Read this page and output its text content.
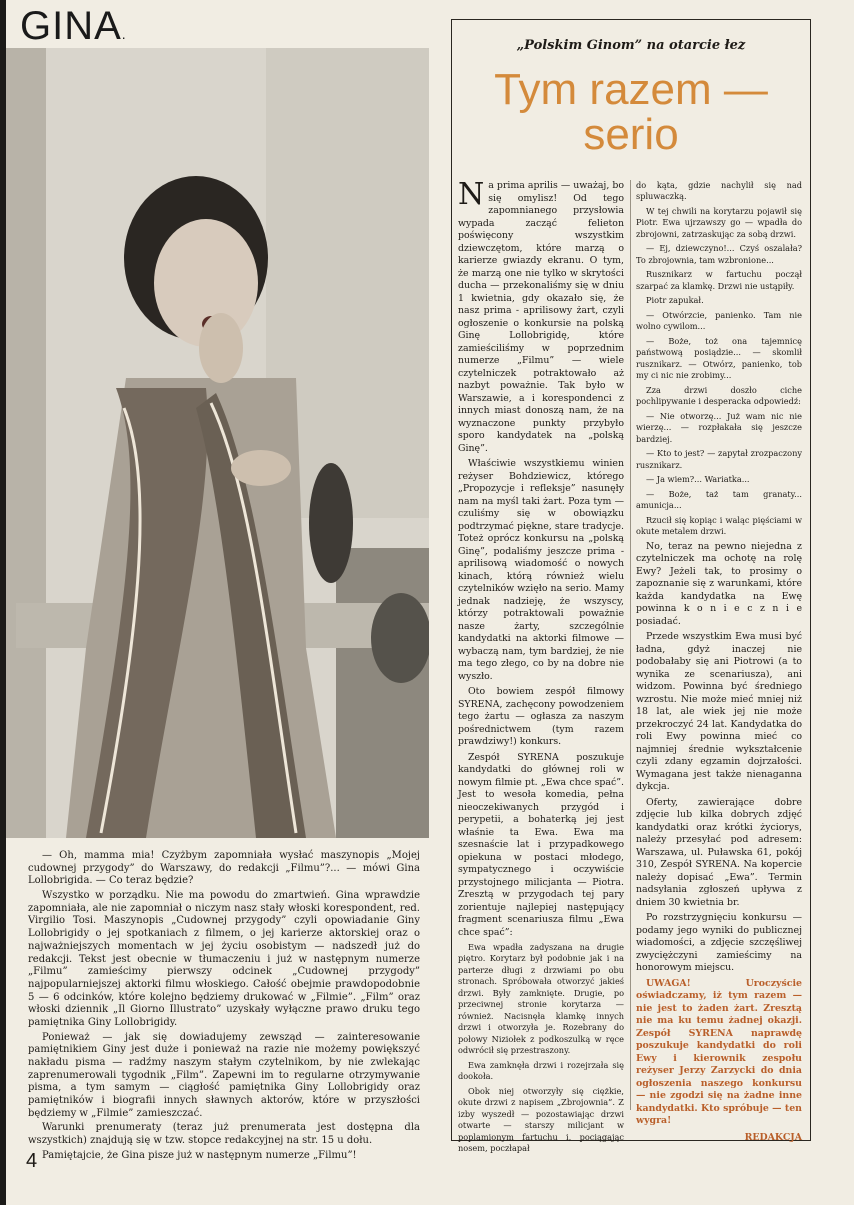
GINA.

— Oh, mamma mia! Czyżbym zapomniała wysłać maszynopis „Mojej cudownej przygody” do Warszawy, do redakcji „Filmu”?... — mówi Gina Lollobrigida. — Co teraz będzie?

Wszystko w porządku. Nie ma powodu do zmartwień. Gina wprawdzie zapomniała, ale nie zapomniał o niczym nasz stały włoski korespondent, red. Virgilio Tosi. Maszynopis „Cudownej przygody” czyli opowiadanie Giny Lollobrigidy o jej spotkaniach z filmem, o jej karierze aktorskiej oraz o najważniejszych momentach w jej życiu osobistym — nadszedł już do redakcji. Tekst jest obecnie w tłumaczeniu i już w następnym numerze „Filmu” zamieścimy pierwszy odcinek „Cudownej przygody” najpopularniejszej aktorki filmu włoskiego. Całość obejmie prawdopodobnie 5 — 6 odcinków, które kolejno będziemy drukować w „Filmie”. „Film” oraz włoski dziennik „Il Giorno Illustrato” uzyskały wyłączne prawo druku tego pamiętnika Giny Lollobrigidy.

Ponieważ — jak się dowiadujemy zewsząd — zainteresowanie pamiętnikiem Giny jest duże i ponieważ na razie nie możemy powiększyć nakładu pisma — radźmy naszym stałym czytelnikom, by nie zwlekając zaprenumerowali tygodnik „Film”. Zapewni im to regularne otrzymywanie pisma, a tym samym — ciągłość pamiętnika Giny Lollobrigidy oraz pamiętników i biografii innych sławnych aktorów, które w przyszłości będziemy w „Filmie” zamieszczać.

Warunki prenumeraty (teraz już prenumerata jest dostępna dla wszystkich) znajdują się w tzw. stopce redakcyjnej na str. 15 u dołu.

Pamiętajcie, że Gina pisze już w następnym numerze „Filmu”!

4
„Polskim Ginom” na otarcie łez
Tym razem —
serio

Na prima aprilis — uważaj, bo się omylisz! Od tego zapomnianego przysłowia wypada zacząć felieton poświęcony wszystkim dziewczętom, które marzą o karierze gwiazdy ekranu. O tym, że marzą one nie tylko w skrytości ducha — przekonaliśmy się w dniu 1 kwietnia, gdy okazało się, że nasz prima - aprilisowy żart, czyli ogłoszenie o konkursie na polską Ginę Lollobrigidę, które zamieściliśmy w poprzednim numerze „Filmu” — wiele czytelniczek potraktowało aż nazbyt poważnie. Tak było w Warszawie, a i korespondenci z innych miast donoszą nam, że na wyznaczone punkty przybyło sporo kandydatek na „polską Ginę”.

Właściwie wszystkiemu winien reżyser Bohdziewicz, którego „Propozycje i refleksje” nasunęły nam na myśl taki żart. Poza tym — czuliśmy się w obowiązku podtrzymać piękne, stare tradycje. Toteż oprócz konkursu na „polską Ginę”, podaliśmy jeszcze prima - aprilisową wiadomość o nowych kinach, którą również wielu czytelników wzięło na serio. Mamy jednak nadzieję, że wszyscy, którzy potraktowali poważnie nasze żarty, szczególnie kandydatki na aktorki filmowe — wybaczą nam, tym bardziej, że nie ma tego złego, co by na dobre nie wyszło.

Oto bowiem zespół filmowy SYRENA, zachęcony powodzeniem tego żartu — ogłasza za naszym pośrednictwem (tym razem prawdziwy!) konkurs.

Zespół SYRENA poszukuje kandydatki do głównej roli w nowym filmie pt. „Ewa chce spać”. Jest to wesoła komedia, pełna nieoczekiwanych przygód i perypetii, a bohaterką jej jest właśnie ta Ewa. Ewa ma szesnaście lat i przypadkowego opiekuna w postaci młodego, sympatycznego i oczywiście przystojnego milicjanta — Piotra. Zresztą w przygodach tej pary zorientuje najlepiej następujący fragment scenariusza filmu „Ewa chce spać”:

Ewa wpadła zadyszana na drugie piętro. Korytarz był podobnie jak i na parterze długi z drzwiami po obu stronach. Spróbowała otworzyć jakieś drzwi. Były zamknięte. Drugie, po przeciwnej stronie korytarza — również. Nacisnęła klamkę innych drzwi i otworzyła je. Rozebrany do połowy Niziołek z podkoszulką w ręce odwrócił się przestraszony.

Ewa zamknęła drzwi i rozejrzała się dookoła.

Obok niej otworzyły się ciężkie, okute drzwi z napisem „Zbrojownia”. Z izby wyszedł — pozostawiając drzwi otwarte — starszy milicjant w poplamionym fartuchu i, pociągając nosem, poczłapał

do kąta, gdzie nachylił się nad spluwaczką.

W tej chwili na korytarzu pojawił się Piotr. Ewa ujrzawszy go — wpadła do zbrojowni, zatrzaskując za sobą drzwi.

— Ej, dziewczyno!... Czyś oszalała? To zbrojownia, tam wzbronione...

Rusznikarz w fartuchu począł szarpać za klamkę. Drzwi nie ustąpiły.

Piotr zapukał.

— Otwórzcie, panienko. Tam nie wolno cywilom...

— Boże, toż ona tajemnicę państwową posiądzie... — skomlił rusznikarz. — Otwórz, panienko, tob my ci nic nie zrobimy...

Zza drzwi doszło ciche pochlipywanie i desperacka odpowiedź:

— Nie otworzę... Już wam nic nie wierzę... — rozpłakała się jeszcze bardziej.

— Kto to jest? — zapytał zrozpaczony rusznikarz.

— Ja wiem?... Wariatka...

— Boże, taż tam granaty... amunicja...

Rzucił się kopiąc i waląc pięściami w okute metalem drzwi.

No, teraz na pewno niejedna z czytelniczek ma ochotę na rolę Ewy? Jeżeli tak, to prosimy o zapoznanie się z warunkami, które każda kandydatka na Ewę powinna k o n i e c z n i e posiadać.

Przede wszystkim Ewa musi być ładna, gdyż inaczej nie podobałaby się ani Piotrowi (a to wynika ze scenariusza), ani widzom. Powinna być średniego wzrostu. Nie może mieć mniej niż 18 lat, ale wiek jej nie może przekroczyć 24 lat. Kandydatka do roli Ewy powinna mieć co najmniej średnie wykształcenie czyli zdany egzamin dojrzałości. Wymagana jest także nienaganna dykcja.

Oferty, zawierające dobre zdjęcie lub kilka dobrych zdjęć kandydatki oraz krótki życiorys, należy przesyłać pod adresem: Warszawa, ul. Puławska 61, pokój 310, Zespół SYRENA. Na kopercie należy dopisać „Ewa”. Termin nadsyłania zgłoszeń upływa z dniem 30 kwietnia br.

Po rozstrzygnięciu konkursu — podamy jego wyniki do publicznej wiadomości, a zdjęcie szczęśliwej zwyciężczyni zamieścimy na honorowym miejscu.

UWAGA! Uroczyście oświadczamy, iż tym razem — nie jest to żaden żart. Zresztą nie ma ku temu żadnej okazji. Zespół SYRENA naprawdę poszukuje kandydatki do roli Ewy i kierownik zespołu reżyser Jerzy Zarzycki do dnia ogłoszenia naszego konkursu — nie zgodzi się na żadne inne kandydatki. Kto spróbuje — ten wygra!

REDAKCJA
